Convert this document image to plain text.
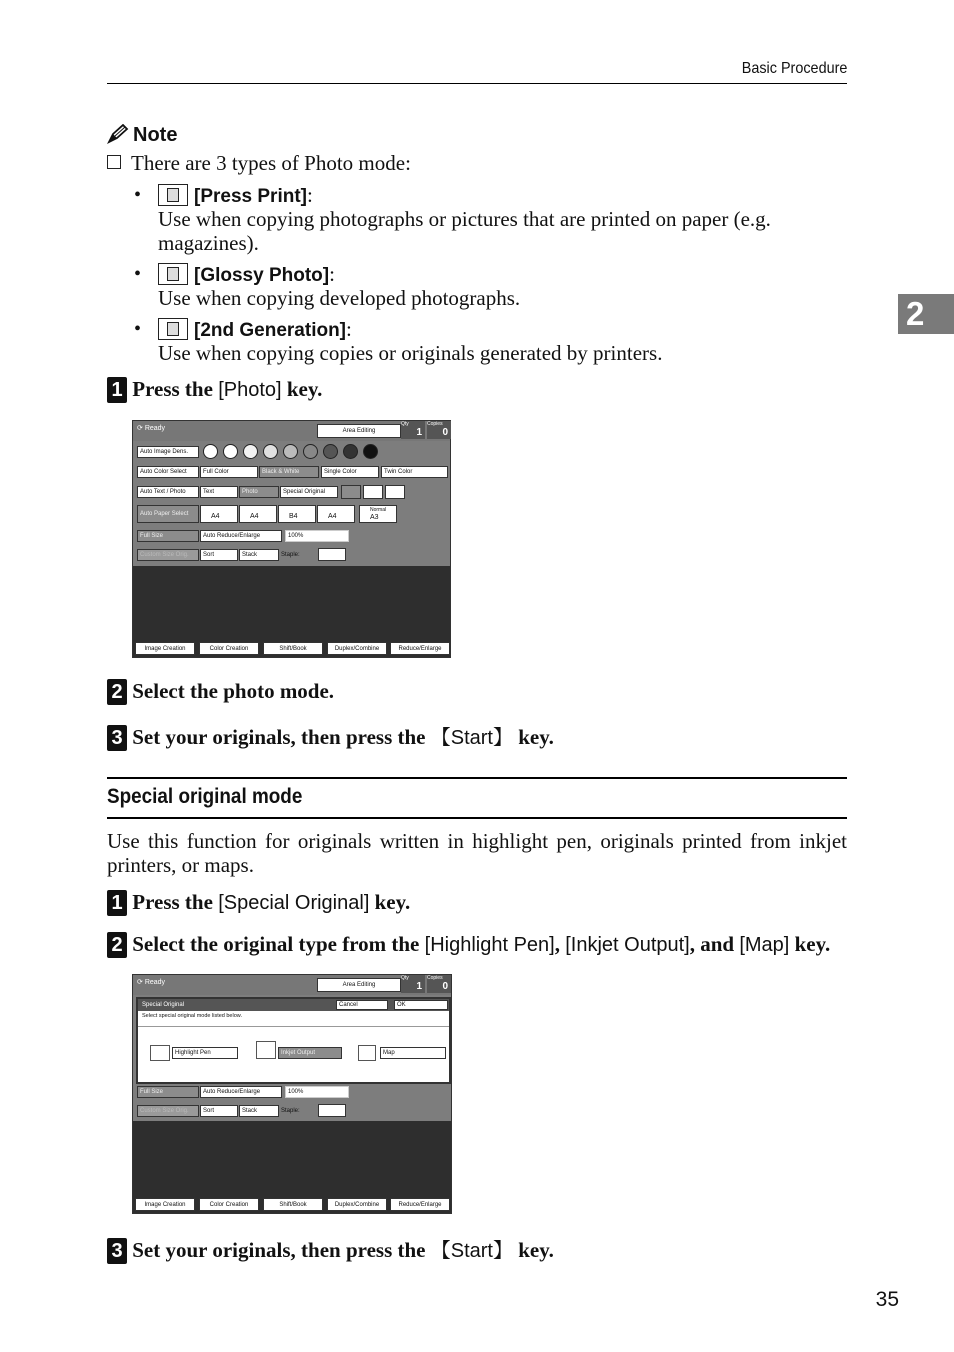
Basic Procedure
2
Note
There are 3 types of Photo mode:
•	[Press Print]:
Use when copying photographs or pictures that are printed on paper (e.g. magazines).
•	[Glossy Photo]:
Use when copying developed photographs.
•	[2nd Generation]:
Use when copying copies or originals generated by printers.
1 Press the [Photo] key.
⟳ Ready	Area Editing
Qty
1
Copies
0
Auto Image Dens.
Auto Color Select	Full Color	Black & White	Single Color	Twin Color
Auto Text / Photo	Text	Photo	Special Original
Auto Paper Select	A4	A4	B4	A4
Normal
A3
Full Size	Auto Reduce/Enlarge	100%
Custom Size Orig.	Sort	Stack	Staple:
Image Creation	Color Creation	Shift/Book	Duplex/Combine	Reduce/Enlarge
2 Select the photo mode.
3 Set your originals, then press the 【Start】 key.
Special original mode
Use this function for originals written in highlight pen, originals printed from inkjet printers, or maps.
1 Press the [Special Original] key.
2 Select the original type from the [Highlight Pen], [Inkjet Output], and [Map] key.
⟳ Ready	Area Editing
Qty
1
Copies
0
Special Original	Cancel	OK
Select special original mode listed below.
Highlight Pen	Inkjet Output	Map
Full Size	Auto Reduce/Enlarge	100%
Custom Size Orig.	Sort	Stack	Staple:
Image Creation	Color Creation	Shift/Book	Duplex/Combine	Reduce/Enlarge
3 Set your originals, then press the 【Start】 key.
35
